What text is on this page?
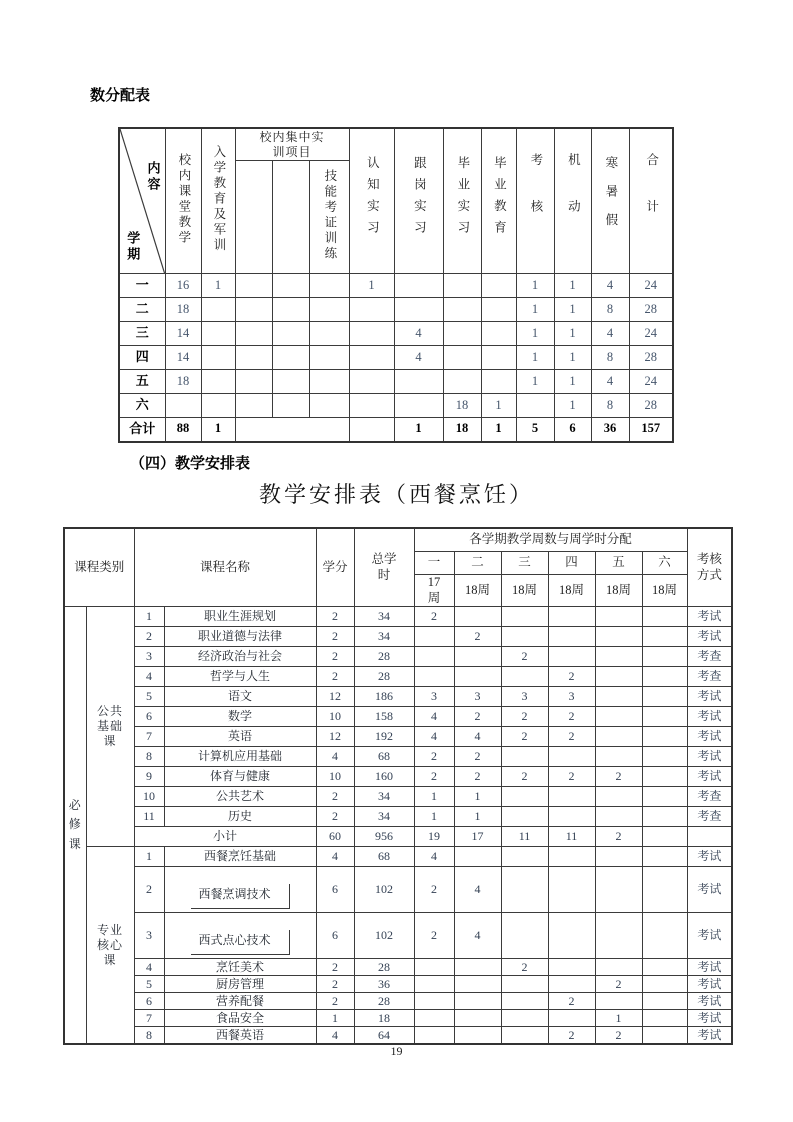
数分配表
内容
学期	校内课堂教学	入学教育及军训	校内集中实训项目			认知实习	跟岗实习	毕业实习	毕业教育	考核	机动	寒暑假	合计
					技能考证训练								
一	16	1				1				1	1	4	24
二	18									1	1	8	28
三	14						4			1	1	4	24
四	14						4			1	1	8	28
五	18									1	1	4	24
六								18	1		1	8	28
合计	88	1					1	18	1	5	6	36	157
（四）教学安排表
教学安排表（西餐烹饪）
课程类别		课程名称		学分	总学时	各学期教学周数与周学时分配						考核方式
						一	二	三	四	五	六	
						17周	18周	18周	18周	18周	18周	
必修课	公共基础课	1	职业生涯规划	2	34	2						考试
		2	职业道德与法律	2	34		2					考试
		3	经济政治与社会	2	28			2				考查
		4	哲学与人生	2	28				2			考查
		5	语文	12	186	3	3	3	3			考试
		6	数学	10	158	4	2	2	2			考试
		7	英语	12	192	4	4	2	2			考试
		8	计算机应用基础	4	68	2	2					考试
		9	体育与健康	10	160	2	2	2	2	2		考试
		10	公共艺术	2	34	1	1					考查
		11	历史	2	34	1	1					考查
		小计		60	956	19	17	11	11	2		
	专业核心课	1	西餐烹饪基础	4	68	4						考试
		2	西餐烹调技术	6	102	2	4					考试
		3	西式点心技术	6	102	2	4					考试
		4	烹饪美术	2	28			2				考试
		5	厨房管理	2	36					2		考试
		6	营养配餐	2	28				2			考试
		7	食品安全	1	18					1		考试
		8	西餐英语	4	64				2	2		考试
19
